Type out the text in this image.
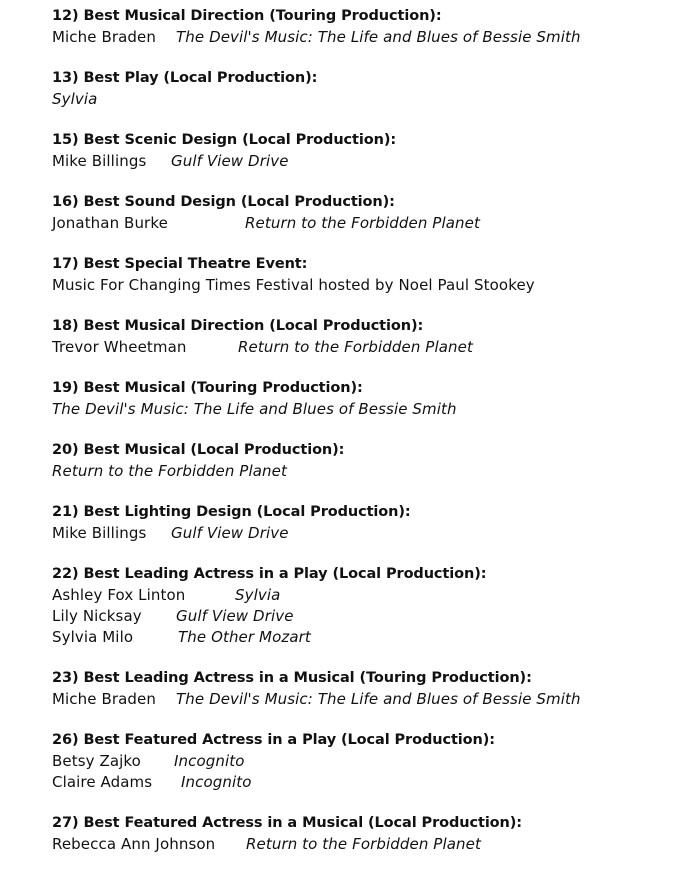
12) Best Musical Direction (Touring Production):
Miche Braden The Devil's Music: The Life and Blues of Bessie Smith
13) Best Play (Local Production):
Sylvia
15) Best Scenic Design (Local Production):
Mike Billings Gulf View Drive
16) Best Sound Design (Local Production):
Jonathan Burke	Return to the Forbidden Planet
17) Best Special Theatre Event:
Music For Changing Times Festival hosted by Noel Paul Stookey
18) Best Musical Direction (Local Production):
Trevor Wheetman	Return to the Forbidden Planet
19) Best Musical (Touring Production):
The Devil's Music: The Life and Blues of Bessie Smith
20) Best Musical (Local Production):
Return to the Forbidden Planet
21) Best Lighting Design (Local Production):
Mike Billings Gulf View Drive
22) Best Leading Actress in a Play (Local Production):
Ashley Fox Linton	Sylvia
Lily Nicksay Gulf View Drive
Sylvia Milo	The Other Mozart
23) Best Leading Actress in a Musical (Touring Production):
Miche Braden The Devil's Music: The Life and Blues of Bessie Smith
26) Best Featured Actress in a Play (Local Production):
Betsy Zajko Incognito
Claire Adams Incognito
27) Best Featured Actress in a Musical (Local Production):
Rebecca Ann Johnson Return to the Forbidden Planet
